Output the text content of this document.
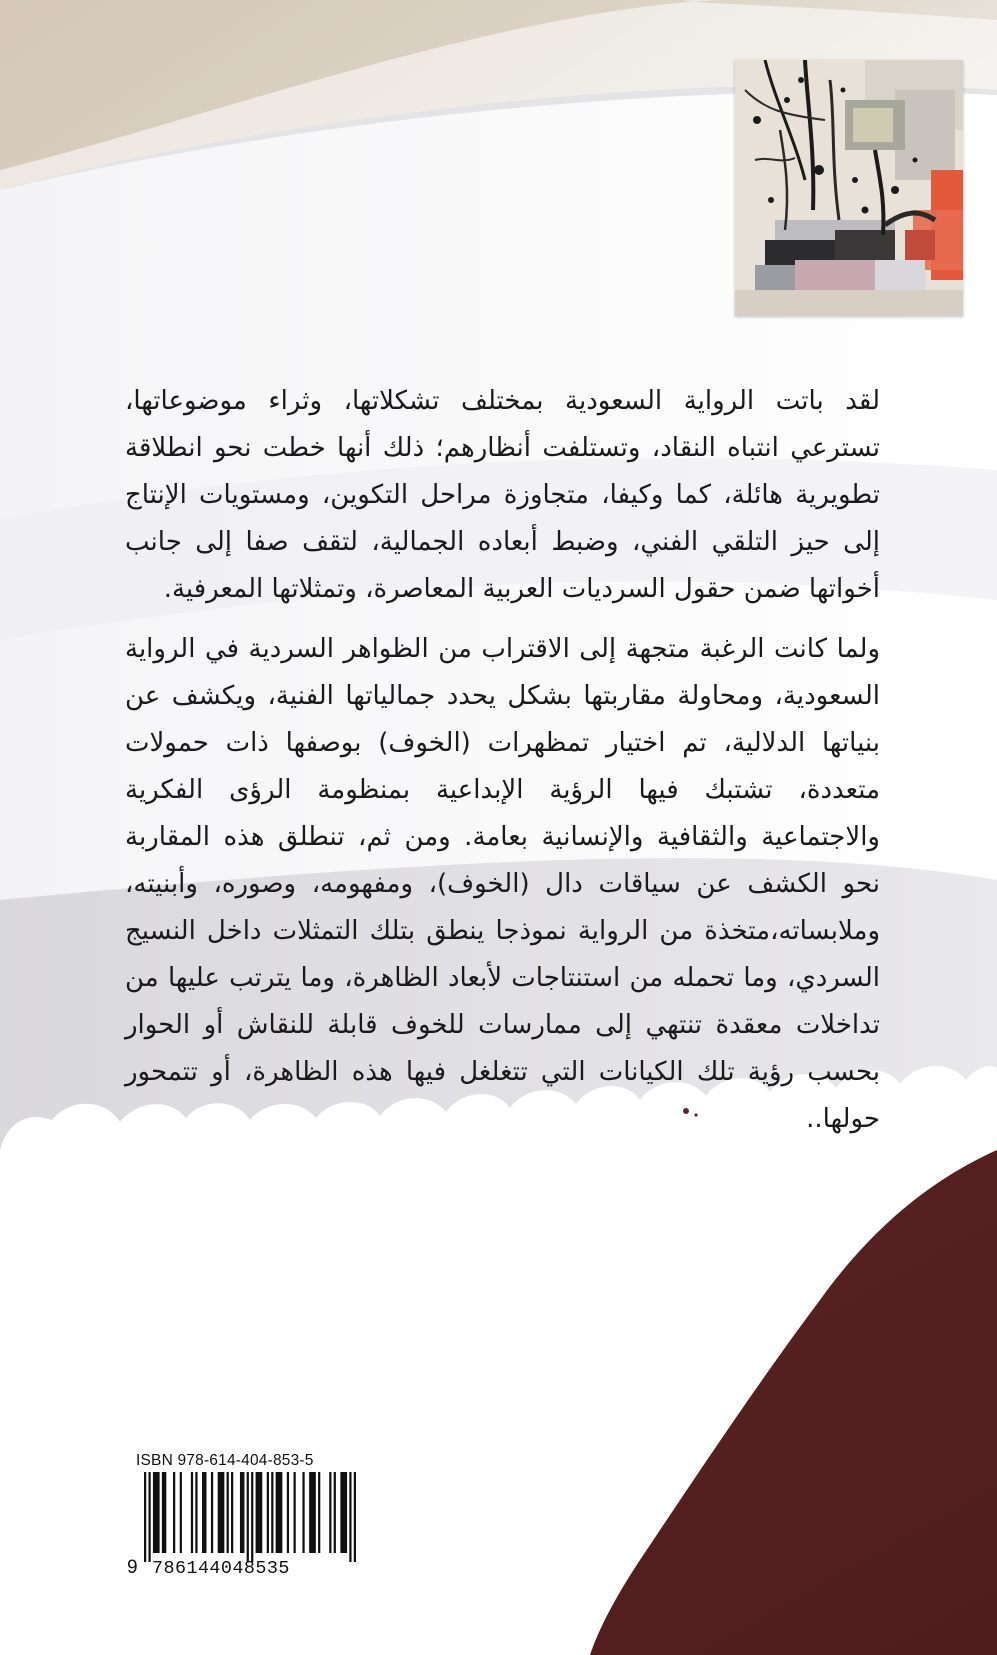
لقد باتت الرواية السعودية بمختلف تشكلاتها، وثراء موضوعاتها، تسترعي انتباه النقاد، وتستلفت أنظارهم؛ ذلك أنها خطت نحو انطلاقة تطويرية هائلة، كما وكيفا، متجاوزة مراحل التكوين، ومستويات الإنتاج إلى حيز التلقي الفني، وضبط أبعاده الجمالية، لتقف صفا إلى جانب أخواتها ضمن حقول السرديات العربية المعاصرة، وتمثلاتها المعرفية.

ولما كانت الرغبة متجهة إلى الاقتراب من الظواهر السردية في الرواية السعودية، ومحاولة مقاربتها بشكل يحدد جمالياتها الفنية، ويكشف عن بنياتها الدلالية، تم اختيار تمظهرات (الخوف) بوصفها ذات حمولات متعددة، تشتبك فيها الرؤية الإبداعية بمنظومة الرؤى الفكرية والاجتماعية والثقافية والإنسانية بعامة. ومن ثم، تنطلق هذه المقاربة نحو الكشف عن سياقات دال (الخوف)، ومفهومه، وصوره، وأبنيته، وملابساته،متخذة من الرواية نموذجا ينطق بتلك التمثلات داخل النسيج السردي، وما تحمله من استنتاجات لأبعاد الظاهرة، وما يترتب عليها من تداخلات معقدة تنتهي إلى ممارسات للخوف قابلة للنقاش أو الحوار بحسب رؤية تلك الكيانات التي تتغلغل فيها هذه الظاهرة، أو تتمحور حولها..

ISBN 978-614-404-853-5
9 786144048535
